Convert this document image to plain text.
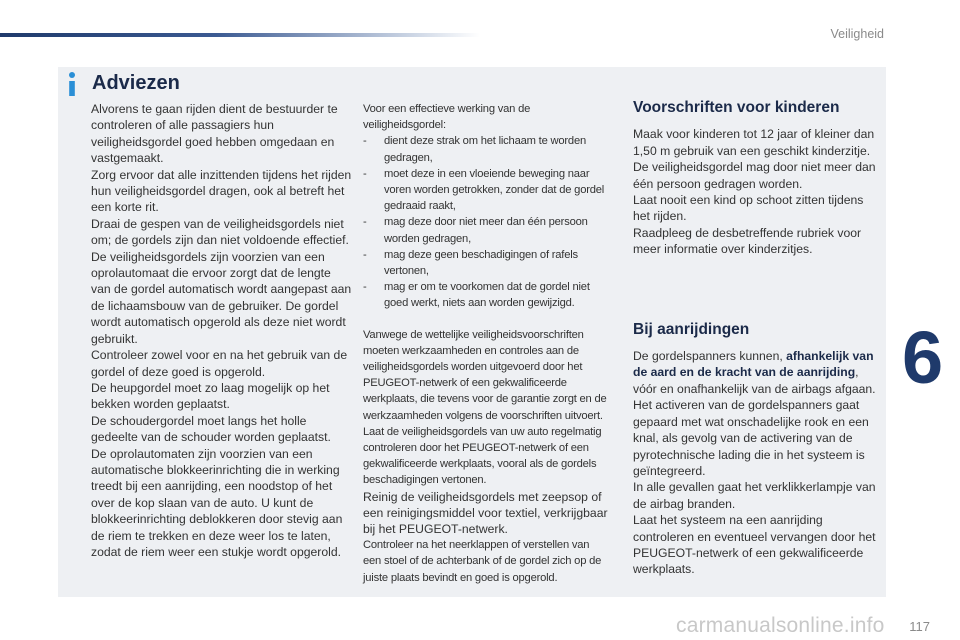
Veiligheid
Adviezen

Alvorens te gaan rijden dient de bestuurder te controleren of alle passagiers hun veiligheidsgordel goed hebben omgedaan en vastgemaakt.

Zorg ervoor dat alle inzittenden tijdens het rijden hun veiligheidsgordel dragen, ook al betreft het een korte rit.

Draai de gespen van de veiligheidsgordels niet om; de gordels zijn dan niet voldoende effectief.

De veiligheidsgordels zijn voorzien van een oprolautomaat die ervoor zorgt dat de lengte van de gordel automatisch wordt aangepast aan de lichaamsbouw van de gebruiker. De gordel wordt automatisch opgerold als deze niet wordt gebruikt.

Controleer zowel voor en na het gebruik van de gordel of deze goed is opgerold.

De heupgordel moet zo laag mogelijk op het bekken worden geplaatst.

De schoudergordel moet langs het holle gedeelte van de schouder worden geplaatst.

De oprolautomaten zijn voorzien van een automatische blokkeerinrichting die in werking treedt bij een aanrijding, een noodstop of het over de kop slaan van de auto. U kunt de blokkeerinrichting deblokkeren door stevig aan de riem te trekken en deze weer los te laten, zodat de riem weer een stukje wordt opgerold.

Voor een effectieve werking van de veiligheidsgordel:

- dient deze strak om het lichaam te worden gedragen,
- moet deze in een vloeiende beweging naar voren worden getrokken, zonder dat de gordel gedraaid raakt,
- mag deze door niet meer dan één persoon worden gedragen,
- mag deze geen beschadigingen of rafels vertonen,
- mag er om te voorkomen dat de gordel niet goed werkt, niets aan worden gewijzigd.

Vanwege de wettelijke veiligheidsvoorschriften moeten werkzaamheden en controles aan de veiligheidsgordels worden uitgevoerd door het PEUGEOT-netwerk of een gekwalificeerde werkplaats, die tevens voor de garantie zorgt en de werkzaamheden volgens de voorschriften uitvoert.

Laat de veiligheidsgordels van uw auto regelmatig controleren door het PEUGEOT-netwerk of een gekwalificeerde werkplaats, vooral als de gordels beschadigingen vertonen.

Reinig de veiligheidsgordels met zeepsop of een reinigingsmiddel voor textiel, verkrijgbaar bij het PEUGEOT-netwerk.

Controleer na het neerklappen of verstellen van een stoel of de achterbank of de gordel zich op de juiste plaats bevindt en goed is opgerold.

Voorschriften voor kinderen

Maak voor kinderen tot 12 jaar of kleiner dan 1,50 m gebruik van een geschikt kinderzitje.

De veiligheidsgordel mag door niet meer dan één persoon gedragen worden.

Laat nooit een kind op schoot zitten tijdens het rijden.

Raadpleeg de desbetreffende rubriek voor meer informatie over kinderzitjes.

Bij aanrijdingen

De gordelspanners kunnen, afhankelijk van de aard en de kracht van de aanrijding, vóór en onafhankelijk van de airbags afgaan. Het activeren van de gordelspanners gaat gepaard met wat onschadelijke rook en een knal, als gevolg van de activering van de pyrotechnische lading die in het systeem is geïntegreerd.

In alle gevallen gaat het verklikkerlampje van de airbag branden.

Laat het systeem na een aanrijding controleren en eventueel vervangen door het PEUGEOT-netwerk of een gekwalificeerde werkplaats.

6
carmanualsonline.info 117
